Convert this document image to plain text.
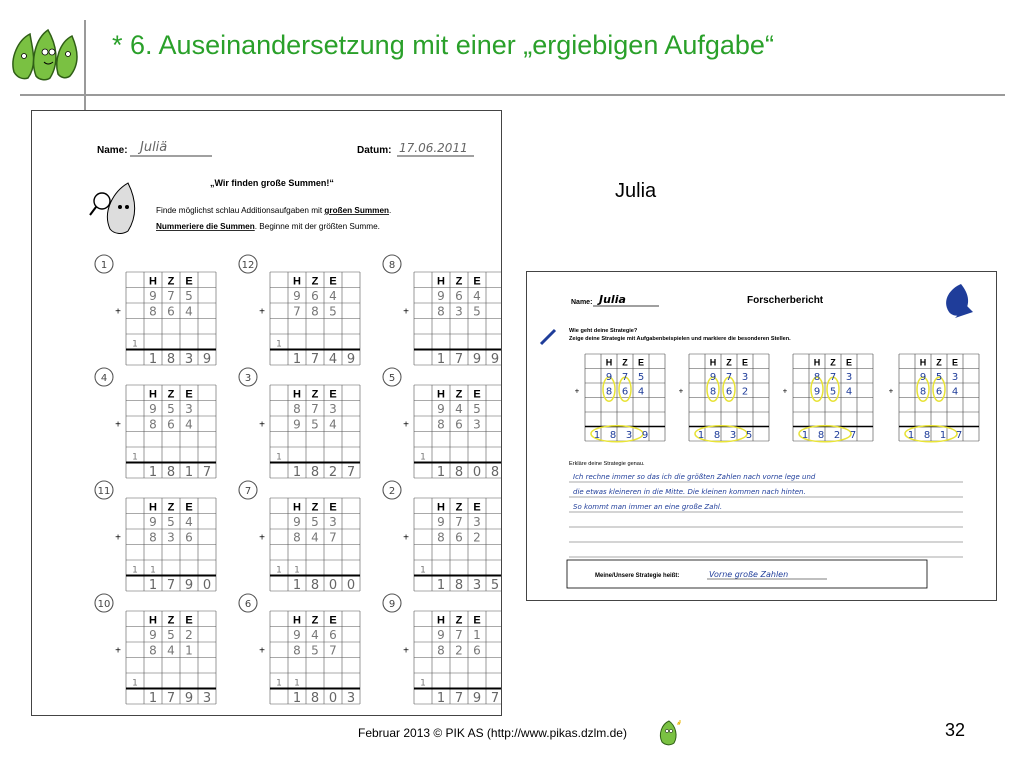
* 6. Auseinandersetzung mit einer „ergiebigen Aufgabe“
Name: Juliä	Datum: 17.06.2011
„Wir finden große Summen!“
Finde möglichst schlau Additionsaufgaben mit großen Summen.
Nummeriere die Summen. Beginne mit der größten Summe.
1
H Z E
9 7 5
+ 8 6 4
1
1 8 3 9
12
H Z E
9 6 4
+ 7 8 5
1
1 7 4 9
8
H Z E
9 6 4
+ 8 3 5
1 7 9 9
4
H Z E
9 5 3
+ 8 6 4
1
1 8 1 7
3
H Z E
8 7 3
+ 9 5 4
1
1 8 2 7
5
H Z E
9 4 5
+ 8 6 3
1
1 8 0 8
11
H Z E
9 5 4
+ 8 3 6
1 1
1 7 9 0
7
H Z E
9 5 3
+ 8 4 7
1 1
1 8 0 0
2
H Z E
9 7 3
+ 8 6 2
1
1 8 3 5
10
H Z E
9 5 2
+ 8 4 1
1
1 7 9 3
6
H Z E
9 4 6
+ 8 5 7
1 1
1 8 0 3
9
H Z E
9 7 1
+ 8 2 6
1
1 7 9 7
Julia
Name: Julia	Forscherbericht
Wie geht deine Strategie?
Zeige deine Strategie mit Aufgabenbeispielen und markiere die besonderen Stellen.
H Z E
9 7 5
+	8 6 4
1 8 3 9
H Z E
9 7 3
+	8 6 2
1 8 3 5
H Z E
8 7 3
+	9 5 4
1 8 2 7
H Z E
9 5 3
+	8 6 4
1 8 1 7
Erkläre deine Strategie genau.
Ich rechne immer so das ich die größten Zahlen nach vorne lege und
die etwas kleineren in die Mitte. Die kleinen kommen nach hinten.
So kommt man immer an eine große Zahl.
Meine/Unsere Strategie heißt:	Vorne große Zahlen
Februar 2013 © PIK AS (http://www.pikas.dzlm.de)	32
